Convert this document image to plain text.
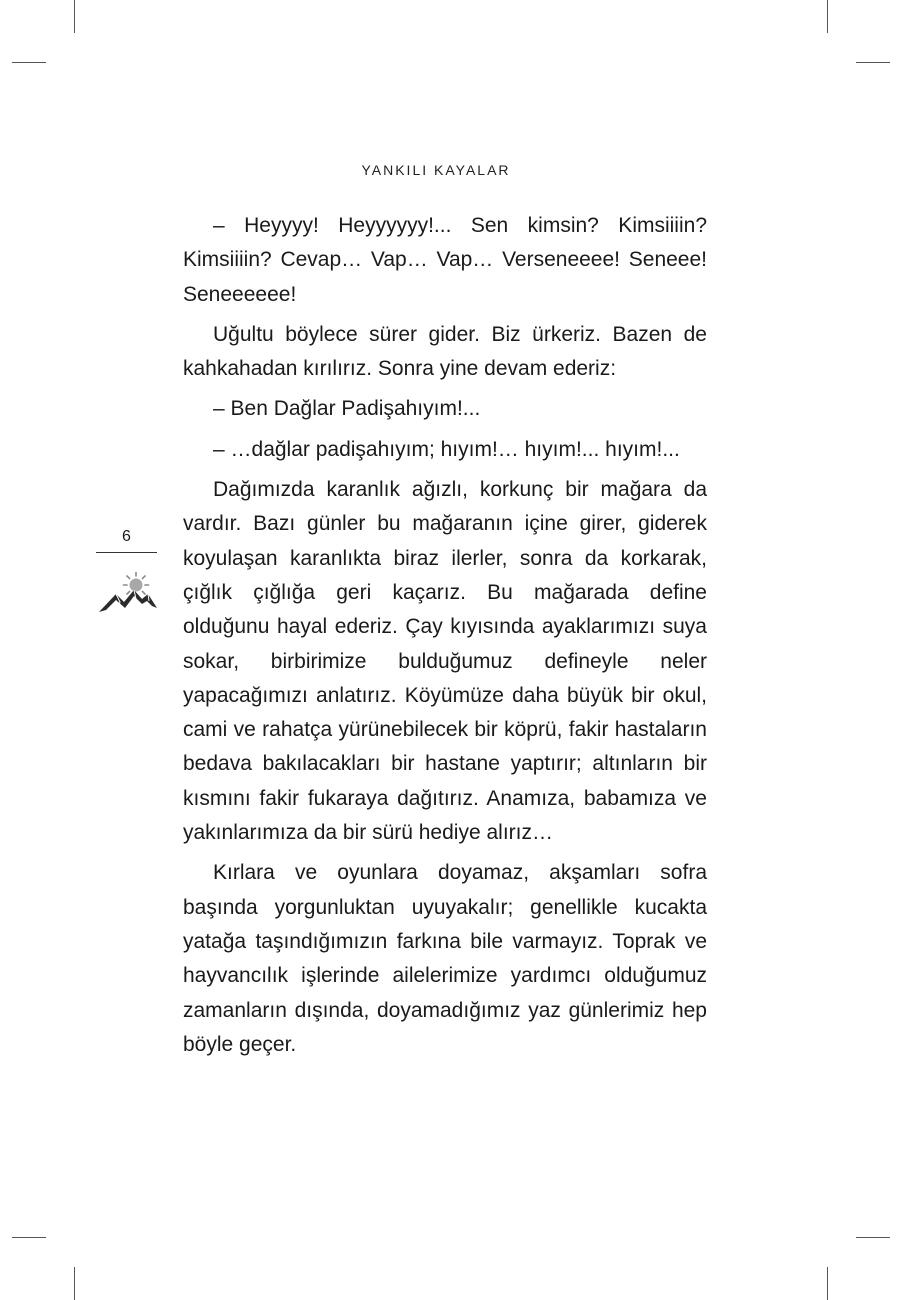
YANKILI KAYALAR
6

– Heyyyy! Heyyyyyy!... Sen kimsin? Kimsiiiin? Kimsiiiin? Cevap… Vap… Vap… Verseneeee! Seneee! Seneeeeee!

Uğultu böylece sürer gider. Biz ürkeriz. Bazen de kahkahadan kırılırız. Sonra yine devam ederiz:

– Ben Dağlar Padişahıyım!...

– …dağlar padişahıyım; hıyım!… hıyım!... hıyım!...

Dağımızda karanlık ağızlı, korkunç bir mağara da vardır. Bazı günler bu mağaranın içine girer, giderek koyulaşan karanlıkta biraz ilerler, sonra da korkarak, çığlık çığlığa geri kaçarız. Bu mağarada define olduğunu hayal ederiz. Çay kıyısında ayaklarımızı suya sokar, birbirimize bulduğumuz defineyle neler yapacağımızı anlatırız. Köyümüze daha büyük bir okul, cami ve rahatça yürünebilecek bir köprü, fakir hastaların bedava bakılacakları bir hastane yaptırır; altınların bir kısmını fakir fukaraya dağıtırız. Anamıza, babamıza ve yakınlarımıza da bir sürü hediye alırız…

Kırlara ve oyunlara doyamaz, akşamları sofra başında yorgunluktan uyuyakalır; genellikle kucakta yatağa taşındığımızın farkına bile varmayız. Toprak ve hayvancılık işlerinde ailelerimize yardımcı olduğumuz zamanların dışında, doyamadığımız yaz günlerimiz hep böyle geçer.
